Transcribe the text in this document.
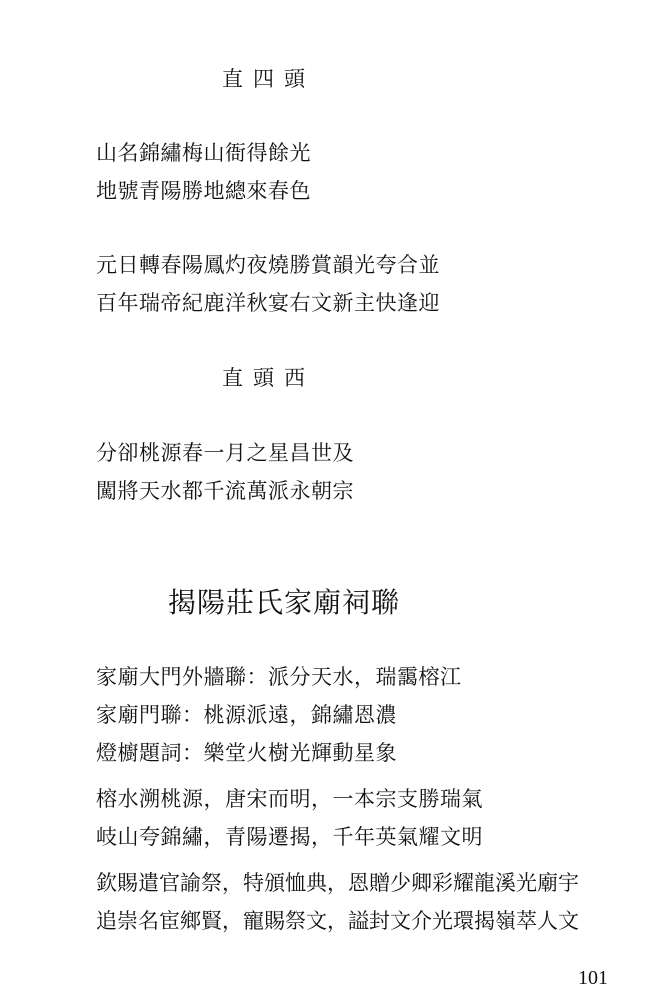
直四頭
山名錦繡梅山衙得餘光
地號青陽勝地總來春色
元日轉春陽鳳灼夜燒勝賞韻光夸合並
百年瑞帝紀鹿洋秋宴右文新主快逢迎
直頭西
分卻桃源春一月之星昌世及
闖將天水都千流萬派永朝宗
揭陽莊氏家廟祠聯
家廟大門外牆聯：派分天水，瑞靄榕江
家廟門聯：桃源派遠，錦繡恩濃
燈櫥題詞：樂堂火樹光輝動星象
榕水溯桃源，唐宋而明，一本宗支勝瑞氣
岐山夸錦繡，青陽遷揭，千年英氣耀文明
欽賜遣官諭祭，特頒恤典，恩贈少卿彩耀龍溪光廟宇
追崇名宦鄉賢，寵賜祭文，謚封文介光環揭嶺萃人文
101
